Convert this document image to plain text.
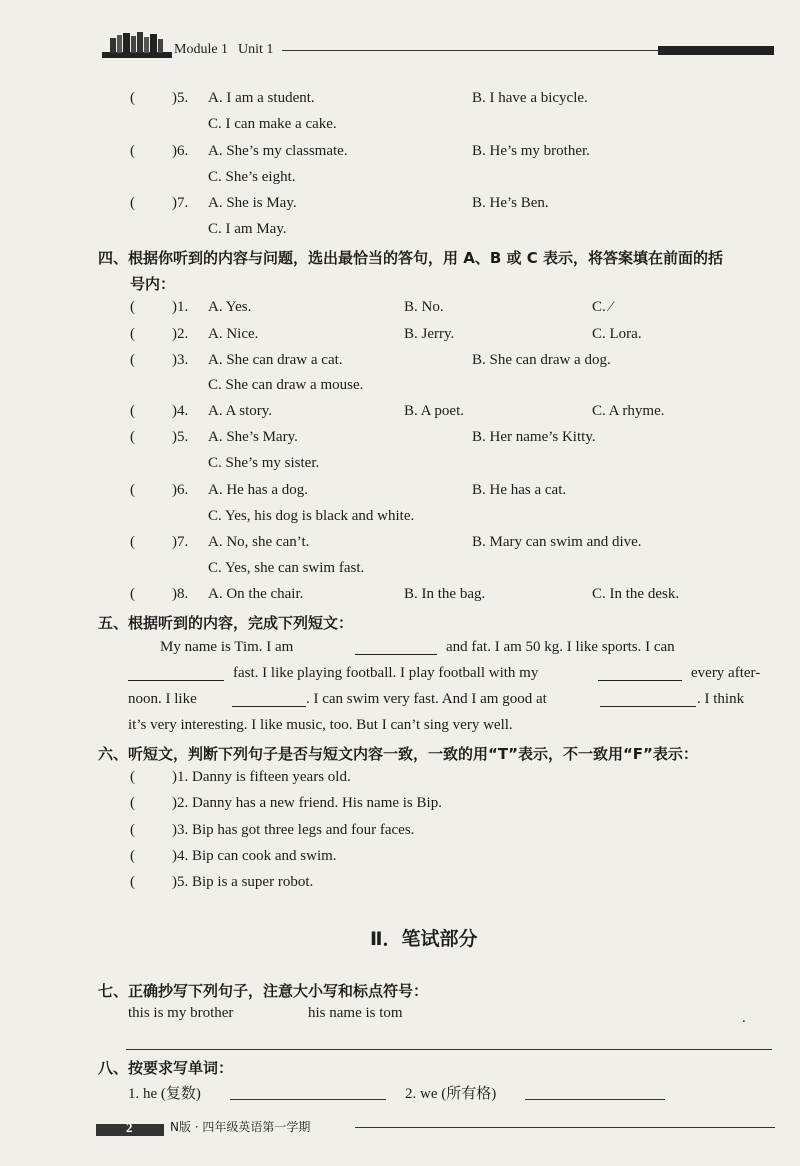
Module 1 Unit 1
( )5. A. I am a student.	B. I have a bicycle.
C. I can make a cake.
( )6. A. She’s my classmate.	B. He’s my brother.
C. She’s eight.
( )7. A. She is May.	B. He’s Ben.
C. I am May.
四、根据你听到的内容与问题，选出最恰当的答句，用 A、B 或 C 表示，将答案填在前面的括
号内：
( )1. A. Yes.	B. No.	C. ⁄
( )2. A. Nice.	B. Jerry.	C. Lora.
( )3. A. She can draw a cat.	B. She can draw a dog.
C. She can draw a mouse.
( )4. A. A story.	B. A poet.	C. A rhyme.
( )5. A. She’s Mary.	B. Her name’s Kitty.
C. She’s my sister.
( )6. A. He has a dog.	B. He has a cat.
C. Yes, his dog is black and white.
( )7. A. No, she can’t.	B. Mary can swim and dive.
C. Yes, she can swim fast.
( )8. A. On the chair.	B. In the bag.	C. In the desk.
五、根据听到的内容，完成下列短文：
My name is Tim. I am	and fat. I am 50 kg. I like sports. I can
fast. I like playing football. I play football with my	every after-
noon. I like	. I can swim very fast. And I am good at	. I think
it’s very interesting. I like music, too. But I can’t sing very well.
六、听短文，判断下列句子是否与短文内容一致，一致的用“T”表示，不一致用“F”表示：
( )1. Danny is fifteen years old.
( )2. Danny has a new friend. His name is Bip.
( )3. Bip has got three legs and four faces.
( )4. Bip can cook and swim.
( )5. Bip is a super robot.
Ⅱ．笔试部分
七、正确抄写下列句子，注意大小写和标点符号：
this is my brother	his name is tom	.
八、按要求写单词：
1. he (复数)	2. we (所有格)
2	N版 · 四年级英语第一学期
